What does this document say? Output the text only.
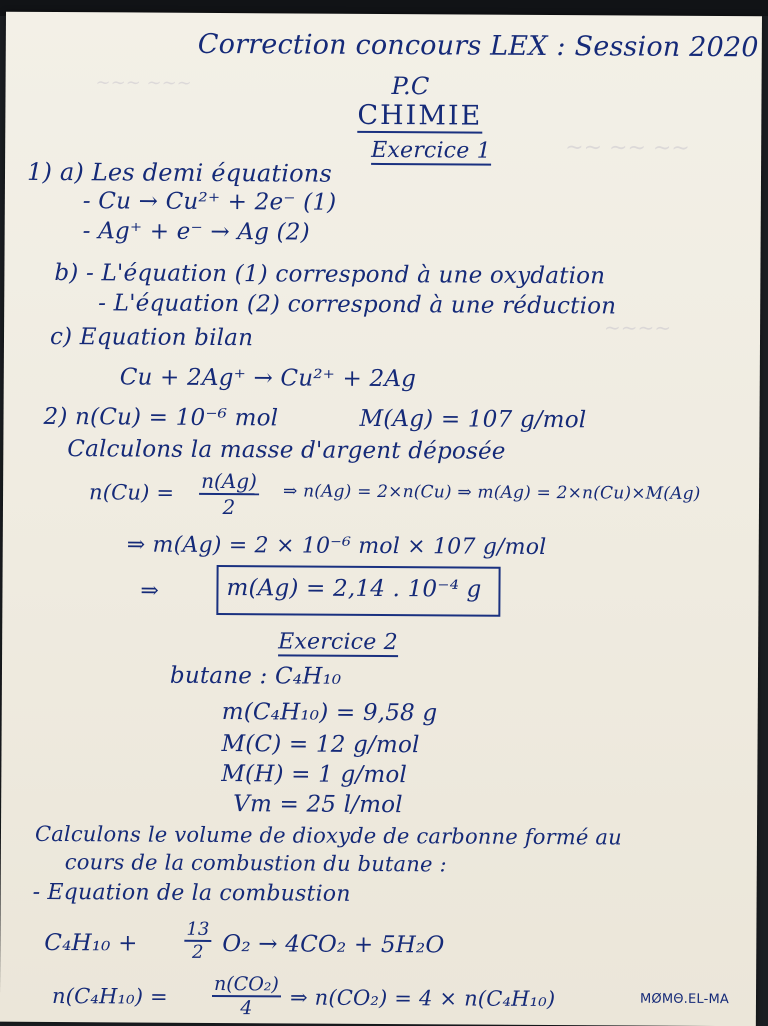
~~ ~~ ~~
~~~~
~~~ ~~~
Correction concours LEX : Session 2020
P.C
CHIMIE
Exercice 1
1) a) Les demi équations
- Cu → Cu²⁺ + 2e⁻ (1)
- Ag⁺ + e⁻ → Ag (2)
b) - L'équation (1) correspond à une oxydation
- L'équation (2) correspond à une réduction
c) Equation bilan
Cu + 2Ag⁺ → Cu²⁺ + 2Ag
2) n(Cu) = 10⁻⁶ mol	M(Ag) = 107 g/mol
Calculons la masse d'argent déposée
$n(Cu) = \frac{n(Ag)}{2}$ ⇒ n(Ag) = 2×n(Cu) ⇒ m(Ag) = 2×n(Cu)×M(Ag)
⇒ m(Ag) = 2 × 10⁻⁶ mol × 107 g/mol
⇒	m(Ag) = 2,14 . 10⁻⁴ g
Exercice 2
butane : C₄H₁₀
m(C₄H₁₀) = 9,58 g
M(C) = 12 g/mol
M(H) = 1 g/mol
Vm = 25 l/mol
Calculons le volume de dioxyde de carbonne formé au
cours de la combustion du butane :
- Equation de la combustion
C₄H₁₀ +	$\frac{13}{2} O_2 \to 4CO_2 + 5H_2O$
$n(C_4H_{10}) = \frac{\text{n(CO₂)}}{4}$ ⇒ n(CO₂) = 4 × n(C₄H₁₀)	MØMΘ.EL-MA
